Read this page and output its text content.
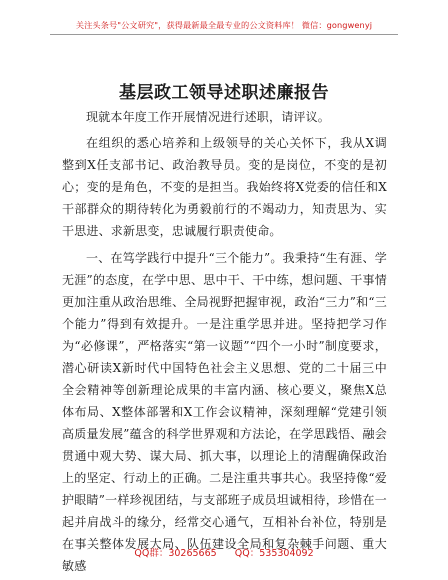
关注头条号"公文研究"，获得最新最全最专业的公文资料库！ 微信：gongwenyj
基层政工领导述职述廉报告

现就本年度工作开展情况进行述职，请评议。

在组织的悉心培养和上级领导的关心关怀下，我从X调整到X任支部书记、政治教导员。变的是岗位，不变的是初心；变的是角色，不变的是担当。我始终将X党委的信任和X干部群众的期待转化为勇毅前行的不竭动力，知责思为、实干思进、求新思变，忠诚履行职责使命。

一、在笃学践行中提升“三个能力”。我秉持“生有涯、学无涯”的态度，在学中思、思中干、干中练，想问题、干事情更加注重从政治思维、全局视野把握审视，政治“三力”和“三个能力”得到有效提升。一是注重学思并进。坚持把学习作为“必修课”，严格落实“第一议题”“四个一小时”制度要求，潜心研读X新时代中国特色社会主义思想、党的二十届三中全会精神等创新理论成果的丰富内涵、核心要义，聚焦X总体布局、X整体部署和X工作会议精神，深刻理解“党建引领高质量发展”蕴含的科学世界观和方法论，在学思践悟、融会贯通中观大势、谋大局、抓大事，以理论上的清醒确保政治上的坚定、行动上的正确。二是注重共事共心。我坚持像“爱护眼睛”一样珍视团结，与支部班子成员坦诚相待，珍惜在一起并肩战斗的缘分，经常交心通气，互相补台补位，特别是在事关整体发展大局、队伍建设全局和复杂棘手问题、重大敏感

QQ群：30265665      QQ：535304092
